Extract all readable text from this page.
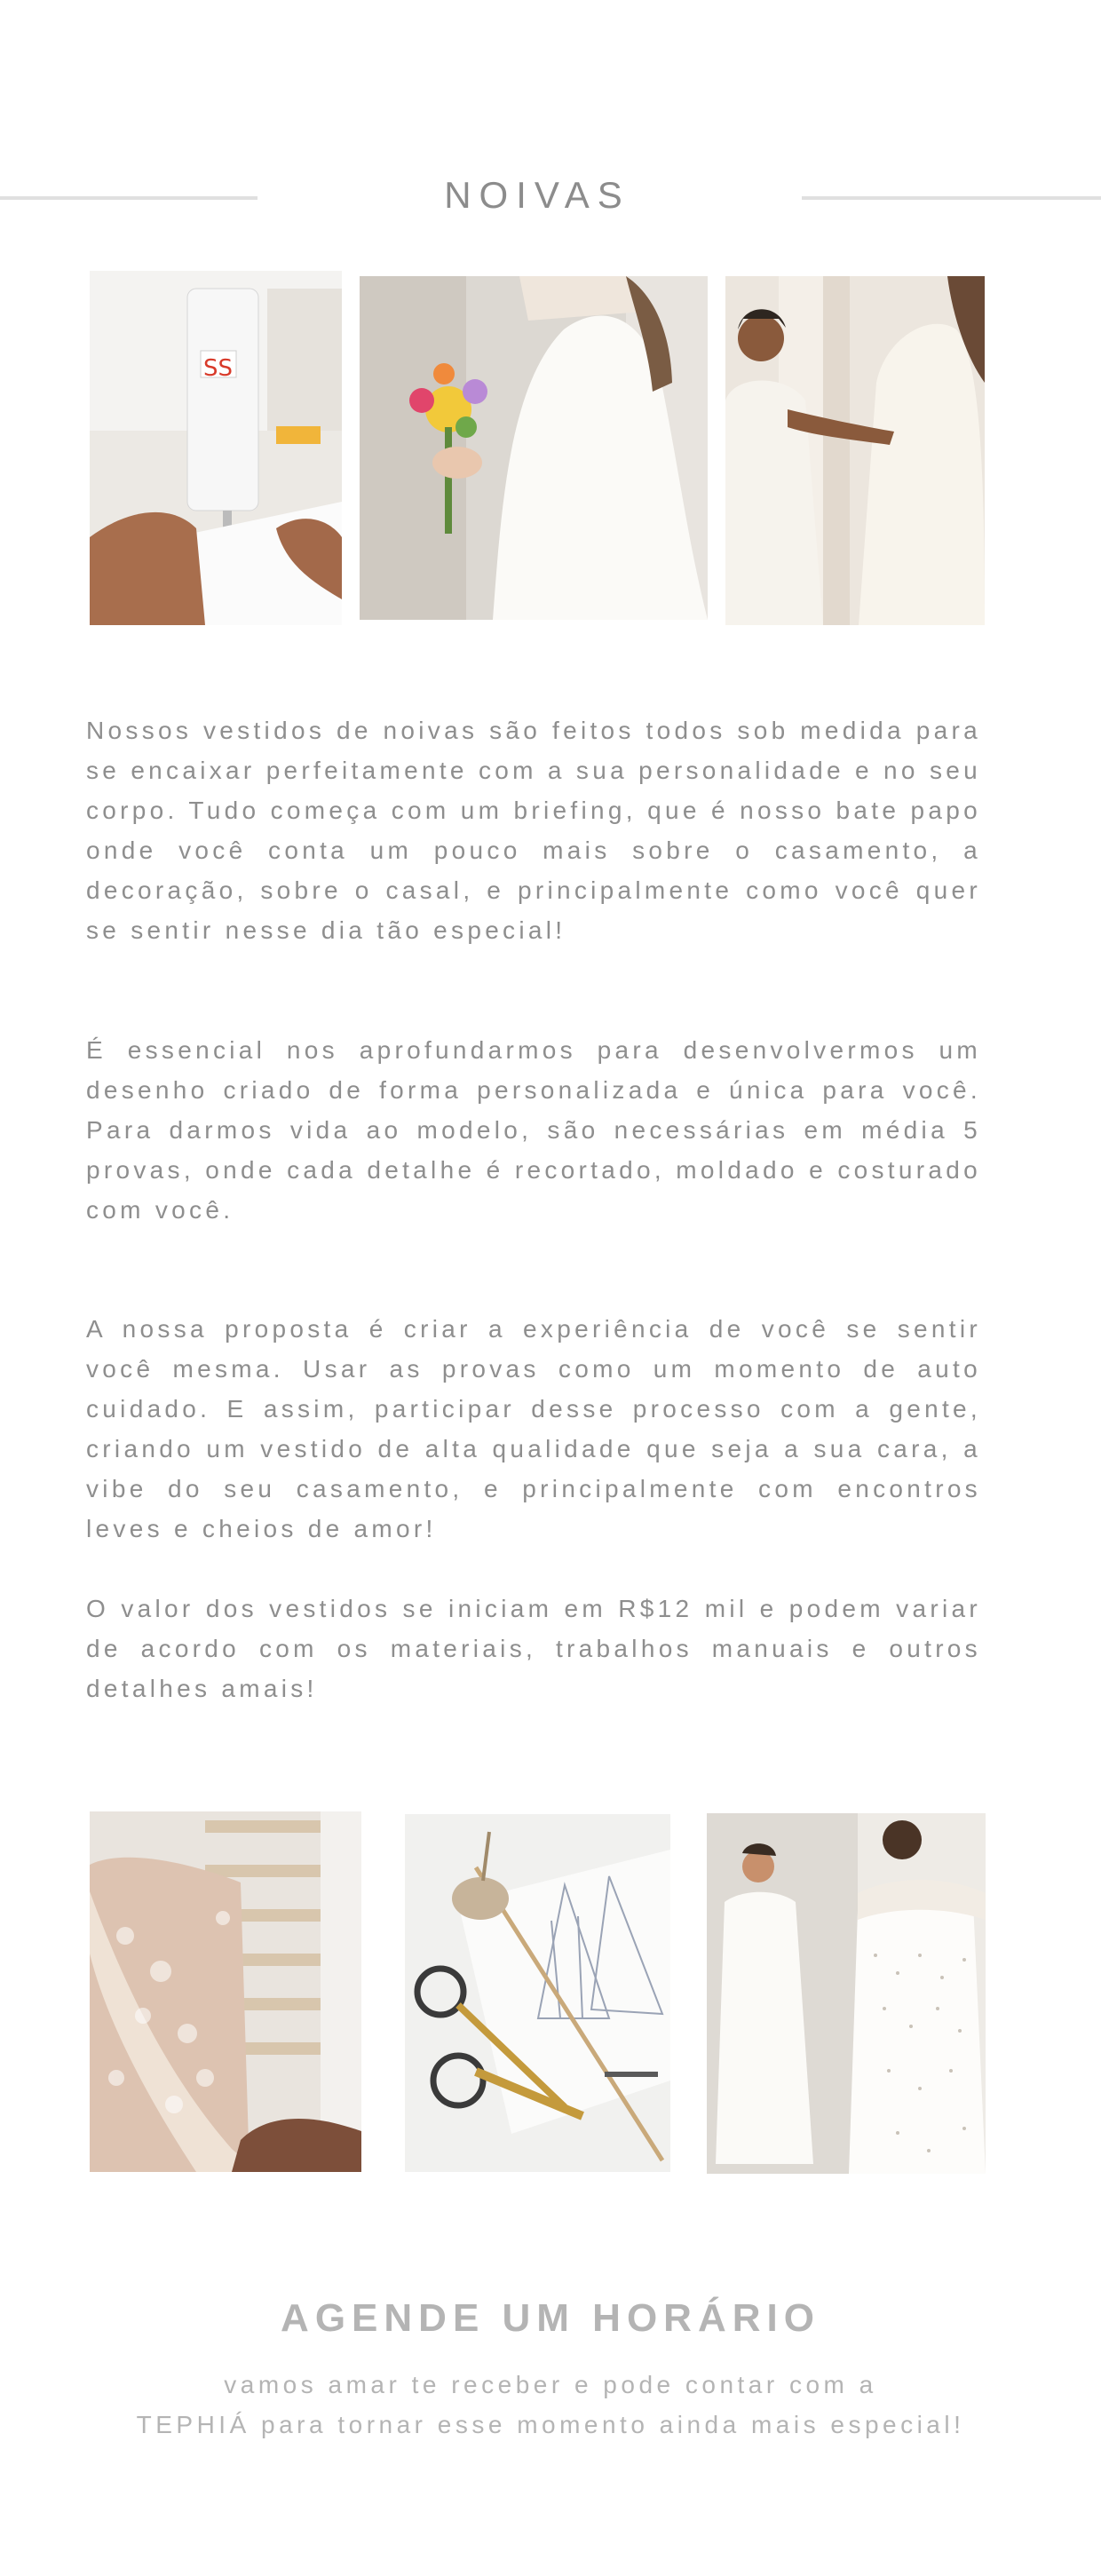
NOIVAS
SS

Nossos vestidos de noivas são feitos todos sob medida para se encaixar perfeitamente com a sua personalidade e no seu corpo. Tudo começa com um briefing, que é nosso bate papo onde você conta um pouco mais sobre o casamento, a decoração, sobre o casal, e principalmente como você quer se sentir nesse dia tão especial!

É essencial nos aprofundarmos para desenvolvermos um desenho criado de forma personalizada e única para você. Para darmos vida ao modelo, são necessárias em média 5 provas, onde cada detalhe é recortado, moldado e costurado com você.

A nossa proposta é criar a experiência de você se sentir você mesma. Usar as provas como um momento de auto cuidado. E assim, participar desse processo com a gente, criando um vestido de alta qualidade que seja a sua cara, a vibe do seu casamento, e principalmente com encontros leves e cheios de amor!

O valor dos vestidos se iniciam em R$12 mil e podem variar de acordo com os materiais, trabalhos manuais e outros detalhes amais!

AGENDE UM HORÁRIO

vamos amar te receber e pode contar com a

TEPHIÁ para tornar esse momento ainda mais especial!
